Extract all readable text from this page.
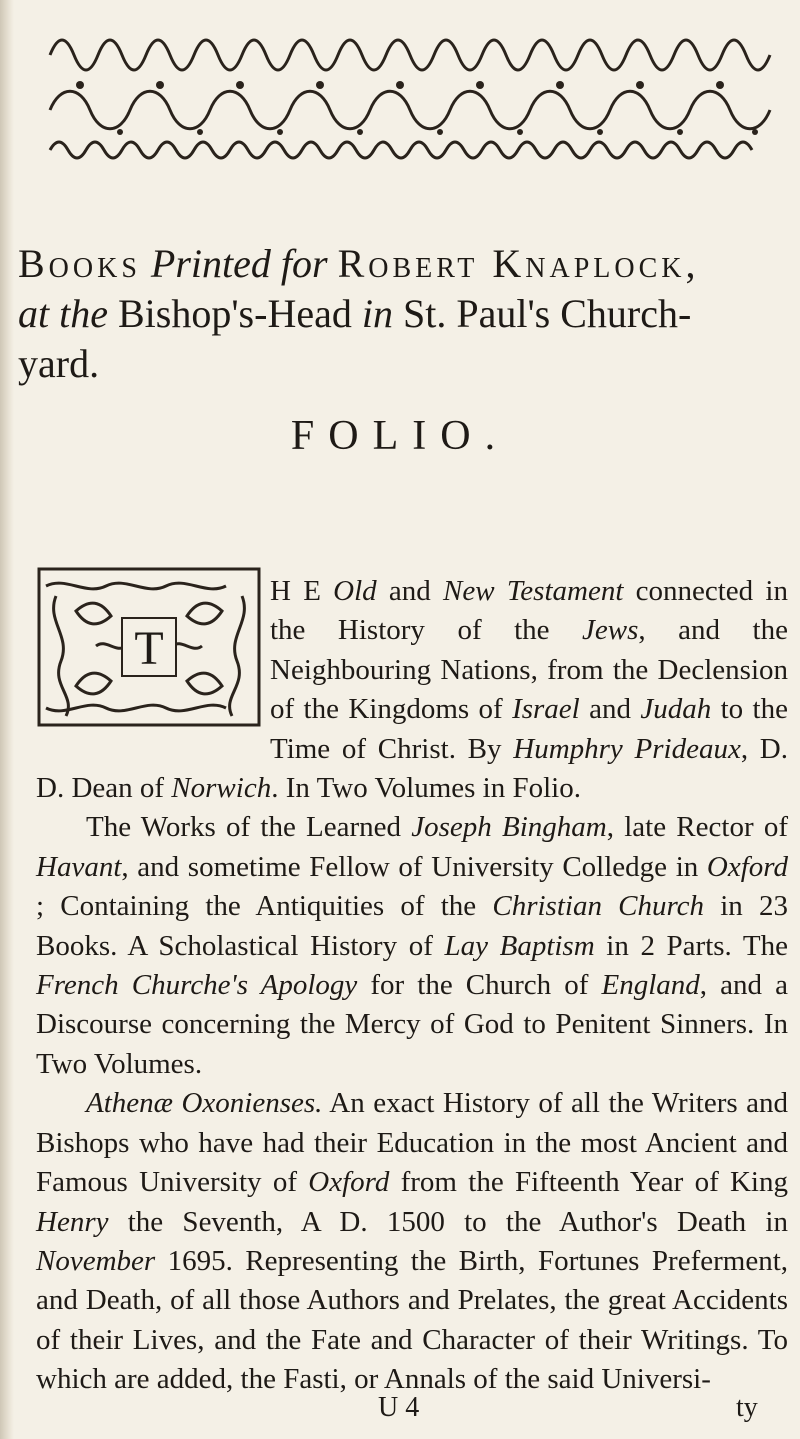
Books Printed for Robert Knaplock,
at the Bishop's-Head in St. Paul's Church-
yard.
FOLIO.
T

H E Old and New Testament connected in the History of the Jews, and the Neighbouring Nations, from the Declension of the Kingdoms of Israel and Judah to the Time of Christ. By Humphry Prideaux, D. D. Dean of Norwich. In Two Volumes in Folio.

The Works of the Learned Joseph Bingham, late Rector of Havant, and sometime Fellow of University Colledge in Oxford ; Containing the Antiquities of the Christian Church in 23 Books. A Scholastical History of Lay Baptism in 2 Parts. The French Churche's Apology for the Church of England, and a Discourse concerning the Mercy of God to Penitent Sinners. In Two Volumes.

Athenæ Oxonienses. An exact History of all the Writers and Bishops who have had their Education in the most Ancient and Famous University of Oxford from the Fifteenth Year of King Henry the Seventh, A D. 1500 to the Author's Death in November 1695. Representing the Birth, Fortunes Preferment, and Death, of all those Authors and Prelates, the great Accidents of their Lives, and the Fate and Character of their Writings. To which are added, the Fasti, or Annals of the said Universi-

U 4	ty
